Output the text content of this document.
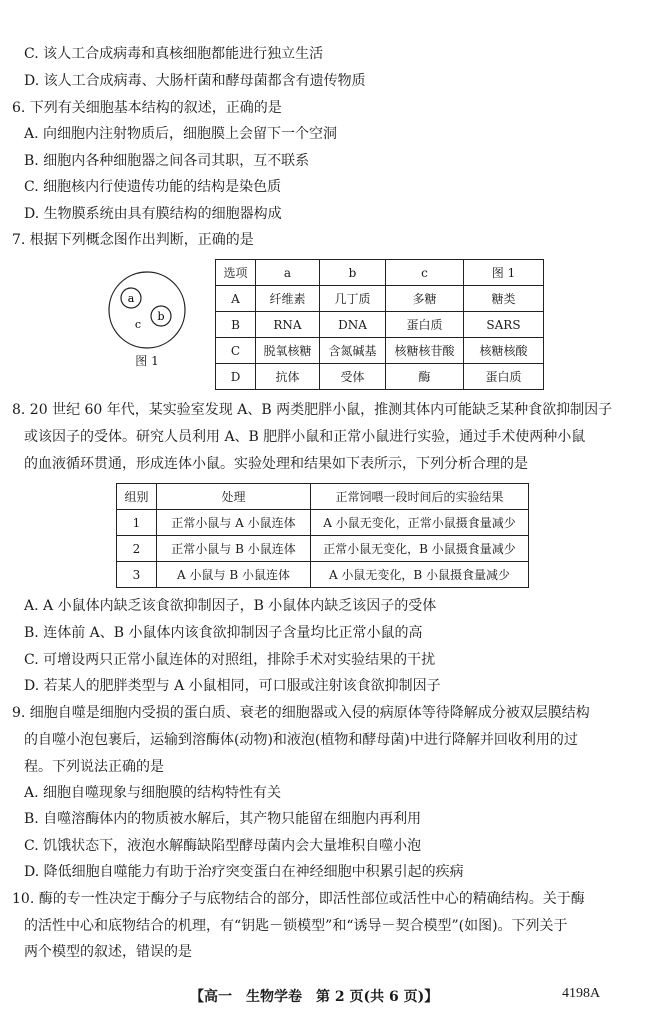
C. 该人工合成病毒和真核细胞都能进行独立生活
D. 该人工合成病毒、大肠杆菌和酵母菌都含有遗传物质
6. 下列有关细胞基本结构的叙述，正确的是
A. 向细胞内注射物质后，细胞膜上会留下一个空洞
B. 细胞内各种细胞器之间各司其职，互不联系
C. 细胞核内行使遗传功能的结构是染色质
D. 生物膜系统由具有膜结构的细胞器构成
7. 根据下列概念图作出判断，正确的是
8. 20 世纪 60 年代，某实验室发现 A、B 两类肥胖小鼠，推测其体内可能缺乏某种食欲抑制因子
或该因子的受体。研究人员利用 A、B 肥胖小鼠和正常小鼠进行实验，通过手术使两种小鼠
的血液循环贯通，形成连体小鼠。实验处理和结果如下表所示，下列分析合理的是
A. A 小鼠体内缺乏该食欲抑制因子，B 小鼠体内缺乏该因子的受体
B. 连体前 A、B 小鼠体内该食欲抑制因子含量均比正常小鼠的高
C. 可增设两只正常小鼠连体的对照组，排除手术对实验结果的干扰
D. 若某人的肥胖类型与 A 小鼠相同，可口服或注射该食欲抑制因子
9. 细胞自噬是细胞内受损的蛋白质、衰老的细胞器或入侵的病原体等待降解成分被双层膜结构
的自噬小泡包裹后，运输到溶酶体(动物)和液泡(植物和酵母菌)中进行降解并回收利用的过
程。下列说法正确的是
A. 细胞自噬现象与细胞膜的结构特性有关
B. 自噬溶酶体内的物质被水解后，其产物只能留在细胞内再利用
C. 饥饿状态下，液泡水解酶缺陷型酵母菌内会大量堆积自噬小泡
D. 降低细胞自噬能力有助于治疗突变蛋白在神经细胞中积累引起的疾病
10. 酶的专一性决定于酶分子与底物结合的部分，即活性部位或活性中心的精确结构。关于酶
的活性中心和底物结合的机理，有“钥匙－锁模型”和“诱导－契合模型”(如图)。下列关于
两个模型的叙述，错误的是
a
b
c
图 1
选项	a	b	c	图 1
A	纤维素	几丁质	多糖	糖类
B	RNA	DNA	蛋白质	SARS
C	脱氧核糖	含氮碱基	核糖核苷酸	核糖核酸
D	抗体	受体	酶	蛋白质
组别	处理	正常饲喂一段时间后的实验结果
1	正常小鼠与 A 小鼠连体	A 小鼠无变化，正常小鼠摄食量减少
2	正常小鼠与 B 小鼠连体	正常小鼠无变化，B 小鼠摄食量减少
3	A 小鼠与 B 小鼠连体	A 小鼠无变化，B 小鼠摄食量减少
【高一　生物学卷　第 2 页(共 6 页)】	4198A
